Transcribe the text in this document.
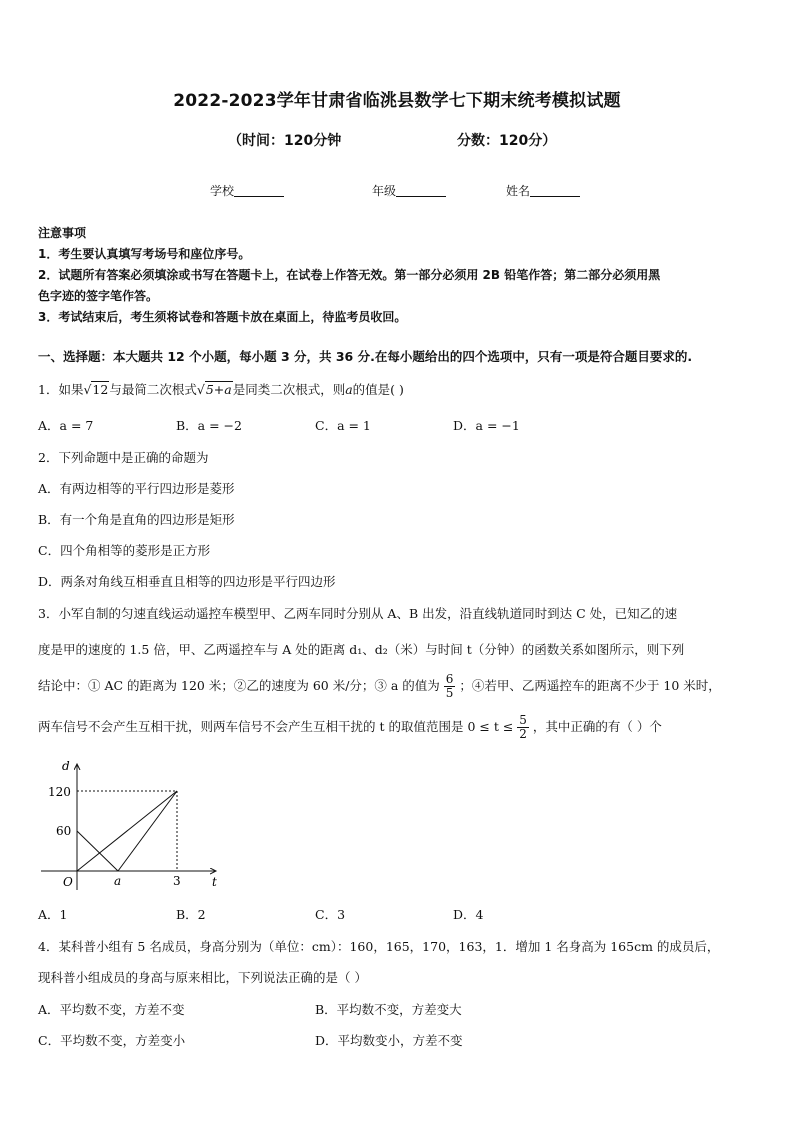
2022-2023学年甘肃省临洮县数学七下期末统考模拟试题
（时间：120分钟	分数：120分）
学校	年级	姓名
注意事项
1．考生要认真填写考场号和座位序号。
2．试题所有答案必须填涂或书写在答题卡上，在试卷上作答无效。第一部分必须用 2B 铅笔作答；第二部分必须用黑
色字迹的签字笔作答。
3．考试结束后，考生须将试卷和答题卡放在桌面上，待监考员收回。
一、选择题：本大题共 12 个小题，每小题 3 分，共 36 分.在每小题给出的四个选项中，只有一项是符合题目要求的.
1．如果√12与最简二次根式√5+a是同类二次根式，则a的值是( )
A．a = 7	B．a = −2	C．a = 1	D．a = −1
2．下列命题中是正确的命题为
A．有两边相等的平行四边形是菱形
B．有一个角是直角的四边形是矩形
C．四个角相等的菱形是正方形
D．两条对角线互相垂直且相等的四边形是平行四边形
3．小军自制的匀速直线运动遥控车模型甲、乙两车同时分别从 A、B 出发，沿直线轨道同时到达 C 处，已知乙的速
度是甲的速度的 1.5 倍，甲、乙两遥控车与 A 处的距离 d₁、d₂（米）与时间 t（分钟）的函数关系如图所示，则下列
结论中：① AC 的距离为 120 米；②乙的速度为 60 米/分；③ a 的值为 $\frac{6}{5}$ ；④若甲、乙两遥控车的距离不少于 10 米时，
两车信号不会产生互相干扰，则两车信号不会产生互相干扰的 t 的取值范围是 $0 \le t \le \frac{5}{2}$ ，其中正确的有（ ）个
d
t
O
120
60
a	3
A．1	B．2	C．3	D．4
4．某科普小组有 5 名成员，身高分别为（单位：cm）：160，165，170，163，1．增加 1 名身高为 165cm 的成员后，
现科普小组成员的身高与原来相比，下列说法正确的是（ ）
A．平均数不变，方差不变	B．平均数不变，方差变大
C．平均数不变，方差变小	D．平均数变小，方差不变
